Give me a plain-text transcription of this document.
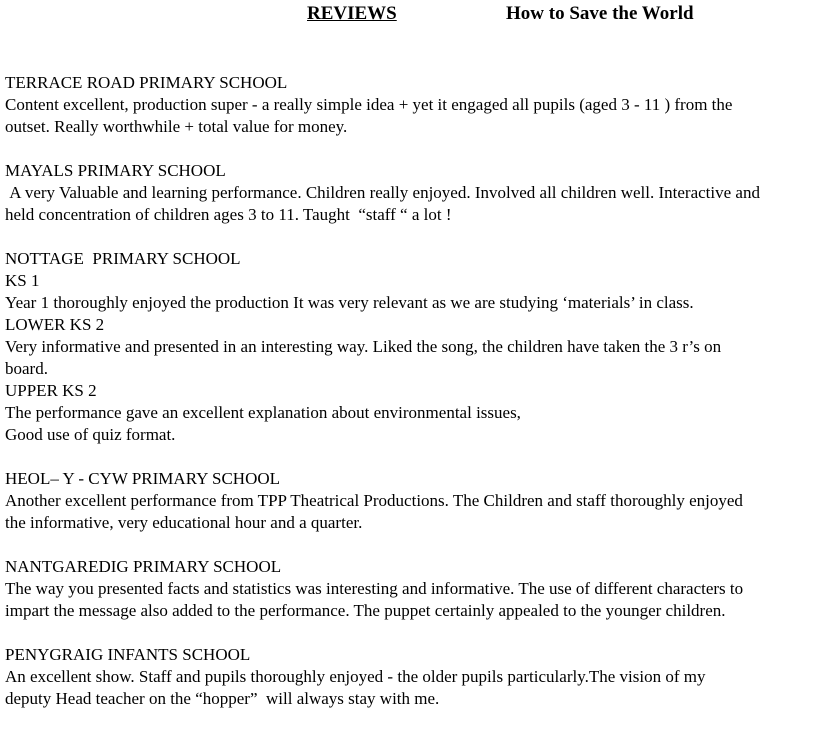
REVIEWS	How to Save the World
TERRACE ROAD PRIMARY SCHOOL
Content excellent, production super - a really simple idea + yet it engaged all pupils (aged 3 - 11 ) from the
outset. Really worthwhile + total value for money.
MAYALS PRIMARY SCHOOL
A very Valuable and learning performance. Children really enjoyed. Involved all children well. Interactive and
held concentration of children ages 3 to 11. Taught  “staff “ a lot !
NOTTAGE  PRIMARY SCHOOL
KS 1
Year 1 thoroughly enjoyed the production It was very relevant as we are studying ‘materials’ in class.
LOWER KS 2
Very informative and presented in an interesting way. Liked the song, the children have taken the 3 r’s on
board.
UPPER KS 2
The performance gave an excellent explanation about environmental issues,
Good use of quiz format.
HEOL– Y - CYW PRIMARY SCHOOL
Another excellent performance from TPP Theatrical Productions. The Children and staff thoroughly enjoyed
the informative, very educational hour and a quarter.
NANTGAREDIG PRIMARY SCHOOL
The way you presented facts and statistics was interesting and informative. The use of different characters to
impart the message also added to the performance. The puppet certainly appealed to the younger children.
PENYGRAIG INFANTS SCHOOL
An excellent show. Staff and pupils thoroughly enjoyed - the older pupils particularly.The vision of my
deputy Head teacher on the “hopper”  will always stay with me.
